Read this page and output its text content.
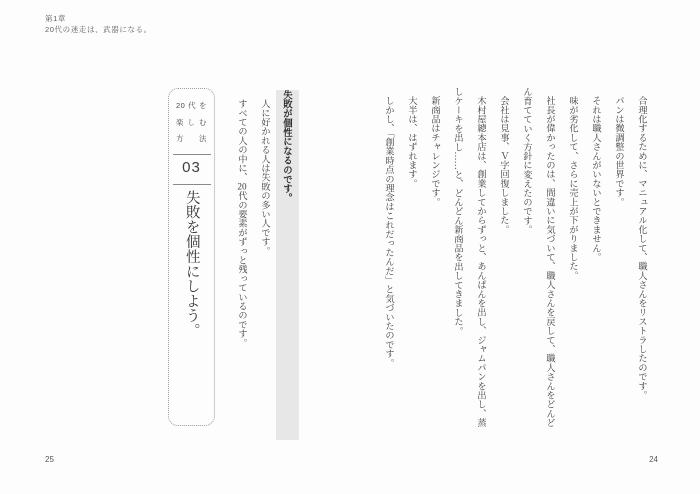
第1章
20代の迷走は、武器になる。

合理化するために、マニュアル化して、職人さんをリストラしたのです。

パンは微調整の世界です。

それは職人さんがいないとできません。

味が劣化して、さらに売上が下がりました。

社長が偉かったのは、間違いに気づいて、職人さんを戻して、職人さんをどんどん育てていく方針に変えたのです。

会社は見事、Ｖ字回復しました。

木村屋總本店は、創業してからずっと、あんぱんを出し、ジャムパンを出し、蒸しケーキを出し……と、どんどん新商品を出してきました。

新商品はチャレンジです。

大半は、はずれます。

しかし、「創業時点の理念はこれだったんだ」と気づいたのです。

24

失敗が個性になるのです。

人に好かれる人は失敗の多い人です。

すべての人の中に、20代の要素がずっと残っているのです。

20代を
楽しむ
方法
03
失敗を個性にしよう。
25
